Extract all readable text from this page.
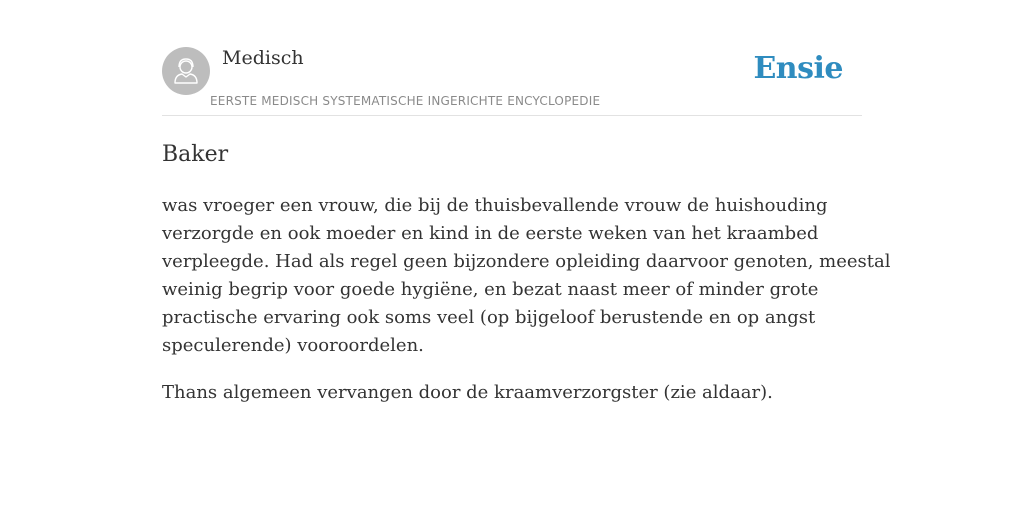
Medisch
EERSTE MEDISCH SYSTEMATISCHE INGERICHTE ENCYCLOPEDIE
Ensie
Baker

was vroeger een vrouw, die bij de thuisbevallende vrouw de huishouding

verzorgde en ook moeder en kind in de eerste weken van het kraambed

verpleegde. Had als regel geen bijzondere opleiding daarvoor genoten, meestal

weinig begrip voor goede hygiëne, en bezat naast meer of minder grote

practische ervaring ook soms veel (op bijgeloof berustende en op angst

speculerende) vooroordelen.

Thans algemeen vervangen door de kraamverzorgster (zie aldaar).
